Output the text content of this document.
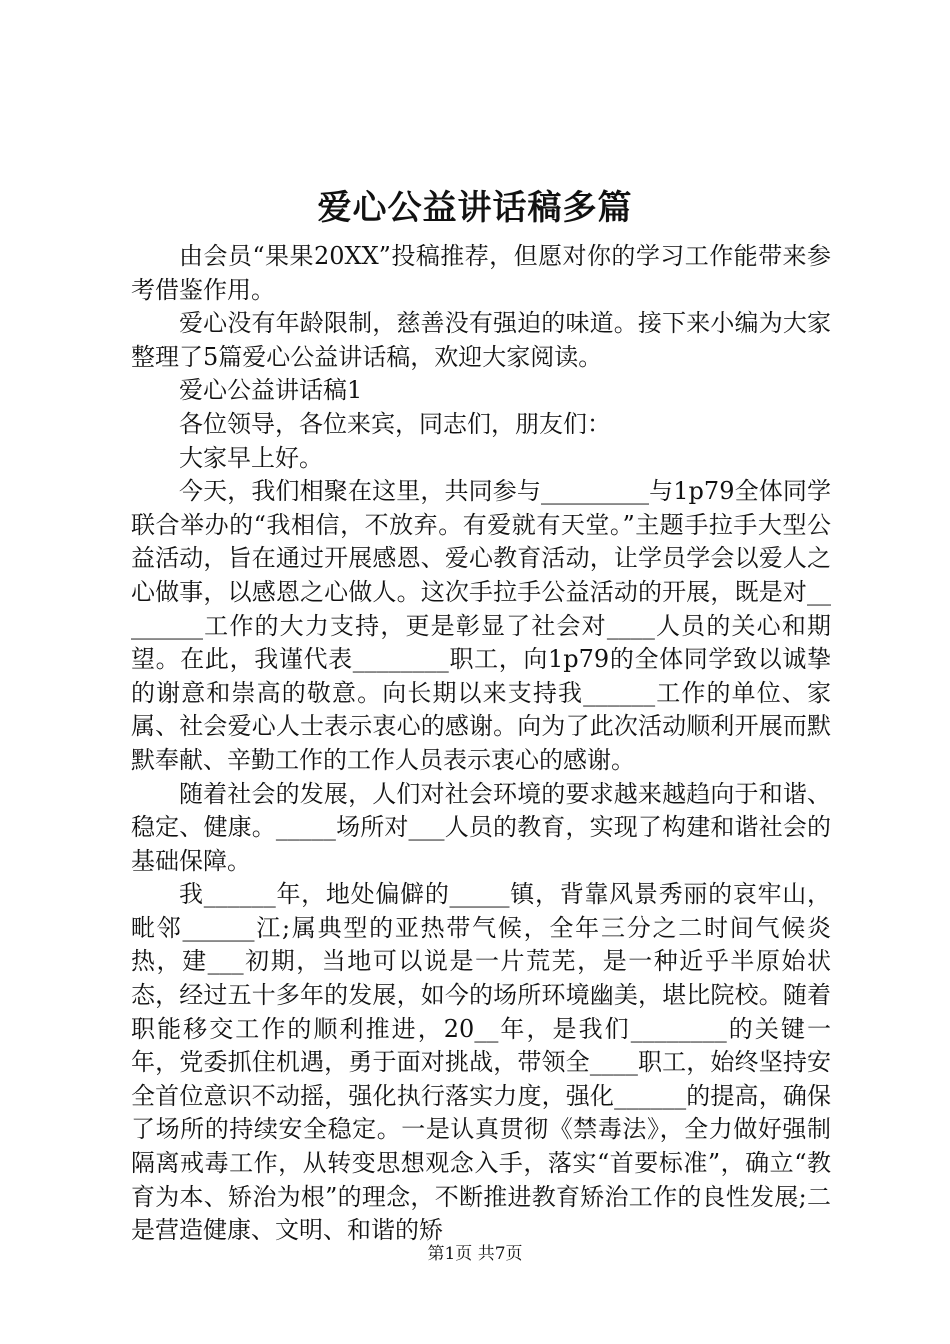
爱心公益讲话稿多篇

由会员“果果20XX”投稿推荐，但愿对你的学习工作能带来参考借鉴作用。

爱心没有年龄限制，慈善没有强迫的味道。接下来小编为大家整理了5篇爱心公益讲话稿，欢迎大家阅读。

爱心公益讲话稿1

各位领导，各位来宾，同志们，朋友们：

大家早上好。

今天，我们相聚在这里，共同参与_________与1p79全体同学联合举办的“我相信，不放弃。有爱就有天堂。”主题手拉手大型公益活动，旨在通过开展感恩、爱心教育活动，让学员学会以爱人之心做事，以感恩之心做人。这次手拉手公益活动的开展，既是对________工作的大力支持，更是彰显了社会对____人员的关心和期望。在此，我谨代表________职工，向1p79的全体同学致以诚挚的谢意和崇高的敬意。向长期以来支持我______工作的单位、家属、社会爱心人士表示衷心的感谢。向为了此次活动顺利开展而默默奉献、辛勤工作的工作人员表示衷心的感谢。

随着社会的发展，人们对社会环境的要求越来越趋向于和谐、稳定、健康。_____场所对___人员的教育，实现了构建和谐社会的基础保障。

我______年，地处偏僻的_____镇，背靠风景秀丽的哀牢山，毗邻______江;属典型的亚热带气候，全年三分之二时间气候炎热，建___初期，当地可以说是一片荒芜，是一种近乎半原始状态，经过五十多年的发展，如今的场所环境幽美，堪比院校。随着职能移交工作的顺利推进，20__年，是我们________的关键一年，党委抓住机遇，勇于面对挑战，带领全____职工，始终坚持安全首位意识不动摇，强化执行落实力度，强化______的提高，确保了场所的持续安全稳定。一是认真贯彻《禁毒法》，全力做好强制隔离戒毒工作，从转变思想观念入手，落实“首要标准”，确立“教育为本、矫治为根”的理念，不断推进教育矫治工作的良性发展;二是营造健康、文明、和谐的矫

第1页 共7页
